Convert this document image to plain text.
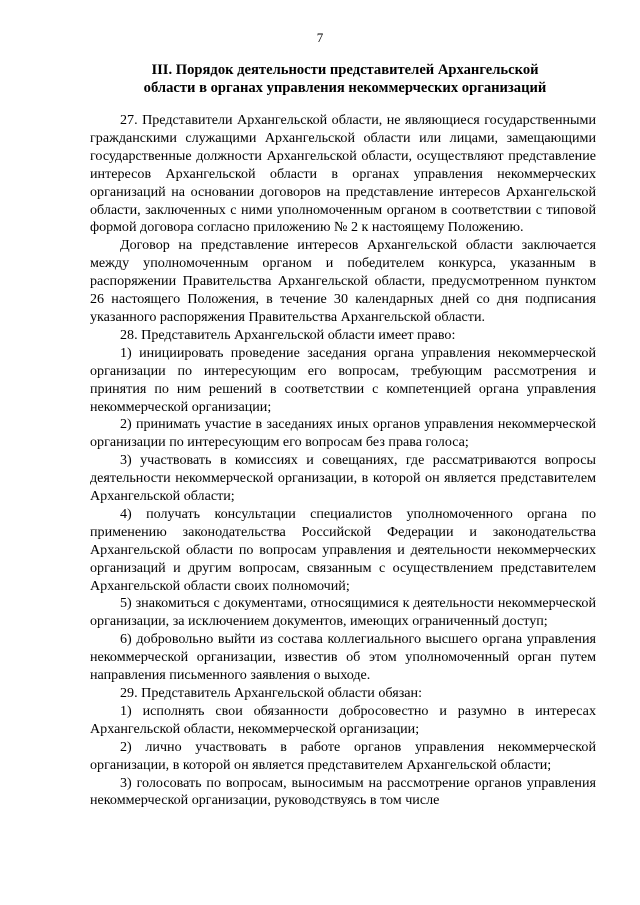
7
III. Порядок деятельности представителей Архангельской
области в органах управления некоммерческих организаций

27. Представители Архангельской области, не являющиеся государственными гражданскими служащими Архангельской области или лицами, замещающими государственные должности Архангельской области, осуществляют представление интересов Архангельской области в органах управления некоммерческих организаций на основании договоров на представление интересов Архангельской области, заключенных с ними уполномоченным органом в соответствии с типовой формой договора согласно приложению № 2 к настоящему Положению.

Договор на представление интересов Архангельской области заключается между уполномоченным органом и победителем конкурса, указанным в распоряжении Правительства Архангельской области, предусмотренном пунктом 26 настоящего Положения, в течение 30 календарных дней со дня подписания указанного распоряжения Правительства Архангельской области.

28. Представитель Архангельской области имеет право:

1) инициировать проведение заседания органа управления некоммерческой организации по интересующим его вопросам, требующим рассмотрения и принятия по ним решений в соответствии с компетенцией органа управления некоммерческой организации;

2) принимать участие в заседаниях иных органов управления некоммерческой организации по интересующим его вопросам без права голоса;

3) участвовать в комиссиях и совещаниях, где рассматриваются вопросы деятельности некоммерческой организации, в которой он является представителем Архангельской области;

4) получать консультации специалистов уполномоченного органа по применению законодательства Российской Федерации и законодательства Архангельской области по вопросам управления и деятельности некоммерческих организаций и другим вопросам, связанным с осуществлением представителем Архангельской области своих полномочий;

5) знакомиться с документами, относящимися к деятельности некоммерческой организации, за исключением документов, имеющих ограниченный доступ;

6) добровольно выйти из состава коллегиального высшего органа управления некоммерческой организации, известив об этом уполномоченный орган путем направления письменного заявления о выходе.

29. Представитель Архангельской области обязан:

1) исполнять свои обязанности добросовестно и разумно в интересах Архангельской области, некоммерческой организации;

2) лично участвовать в работе органов управления некоммерческой организации, в которой он является представителем Архангельской области;

3) голосовать по вопросам, выносимым на рассмотрение органов управления некоммерческой организации, руководствуясь в том числе
